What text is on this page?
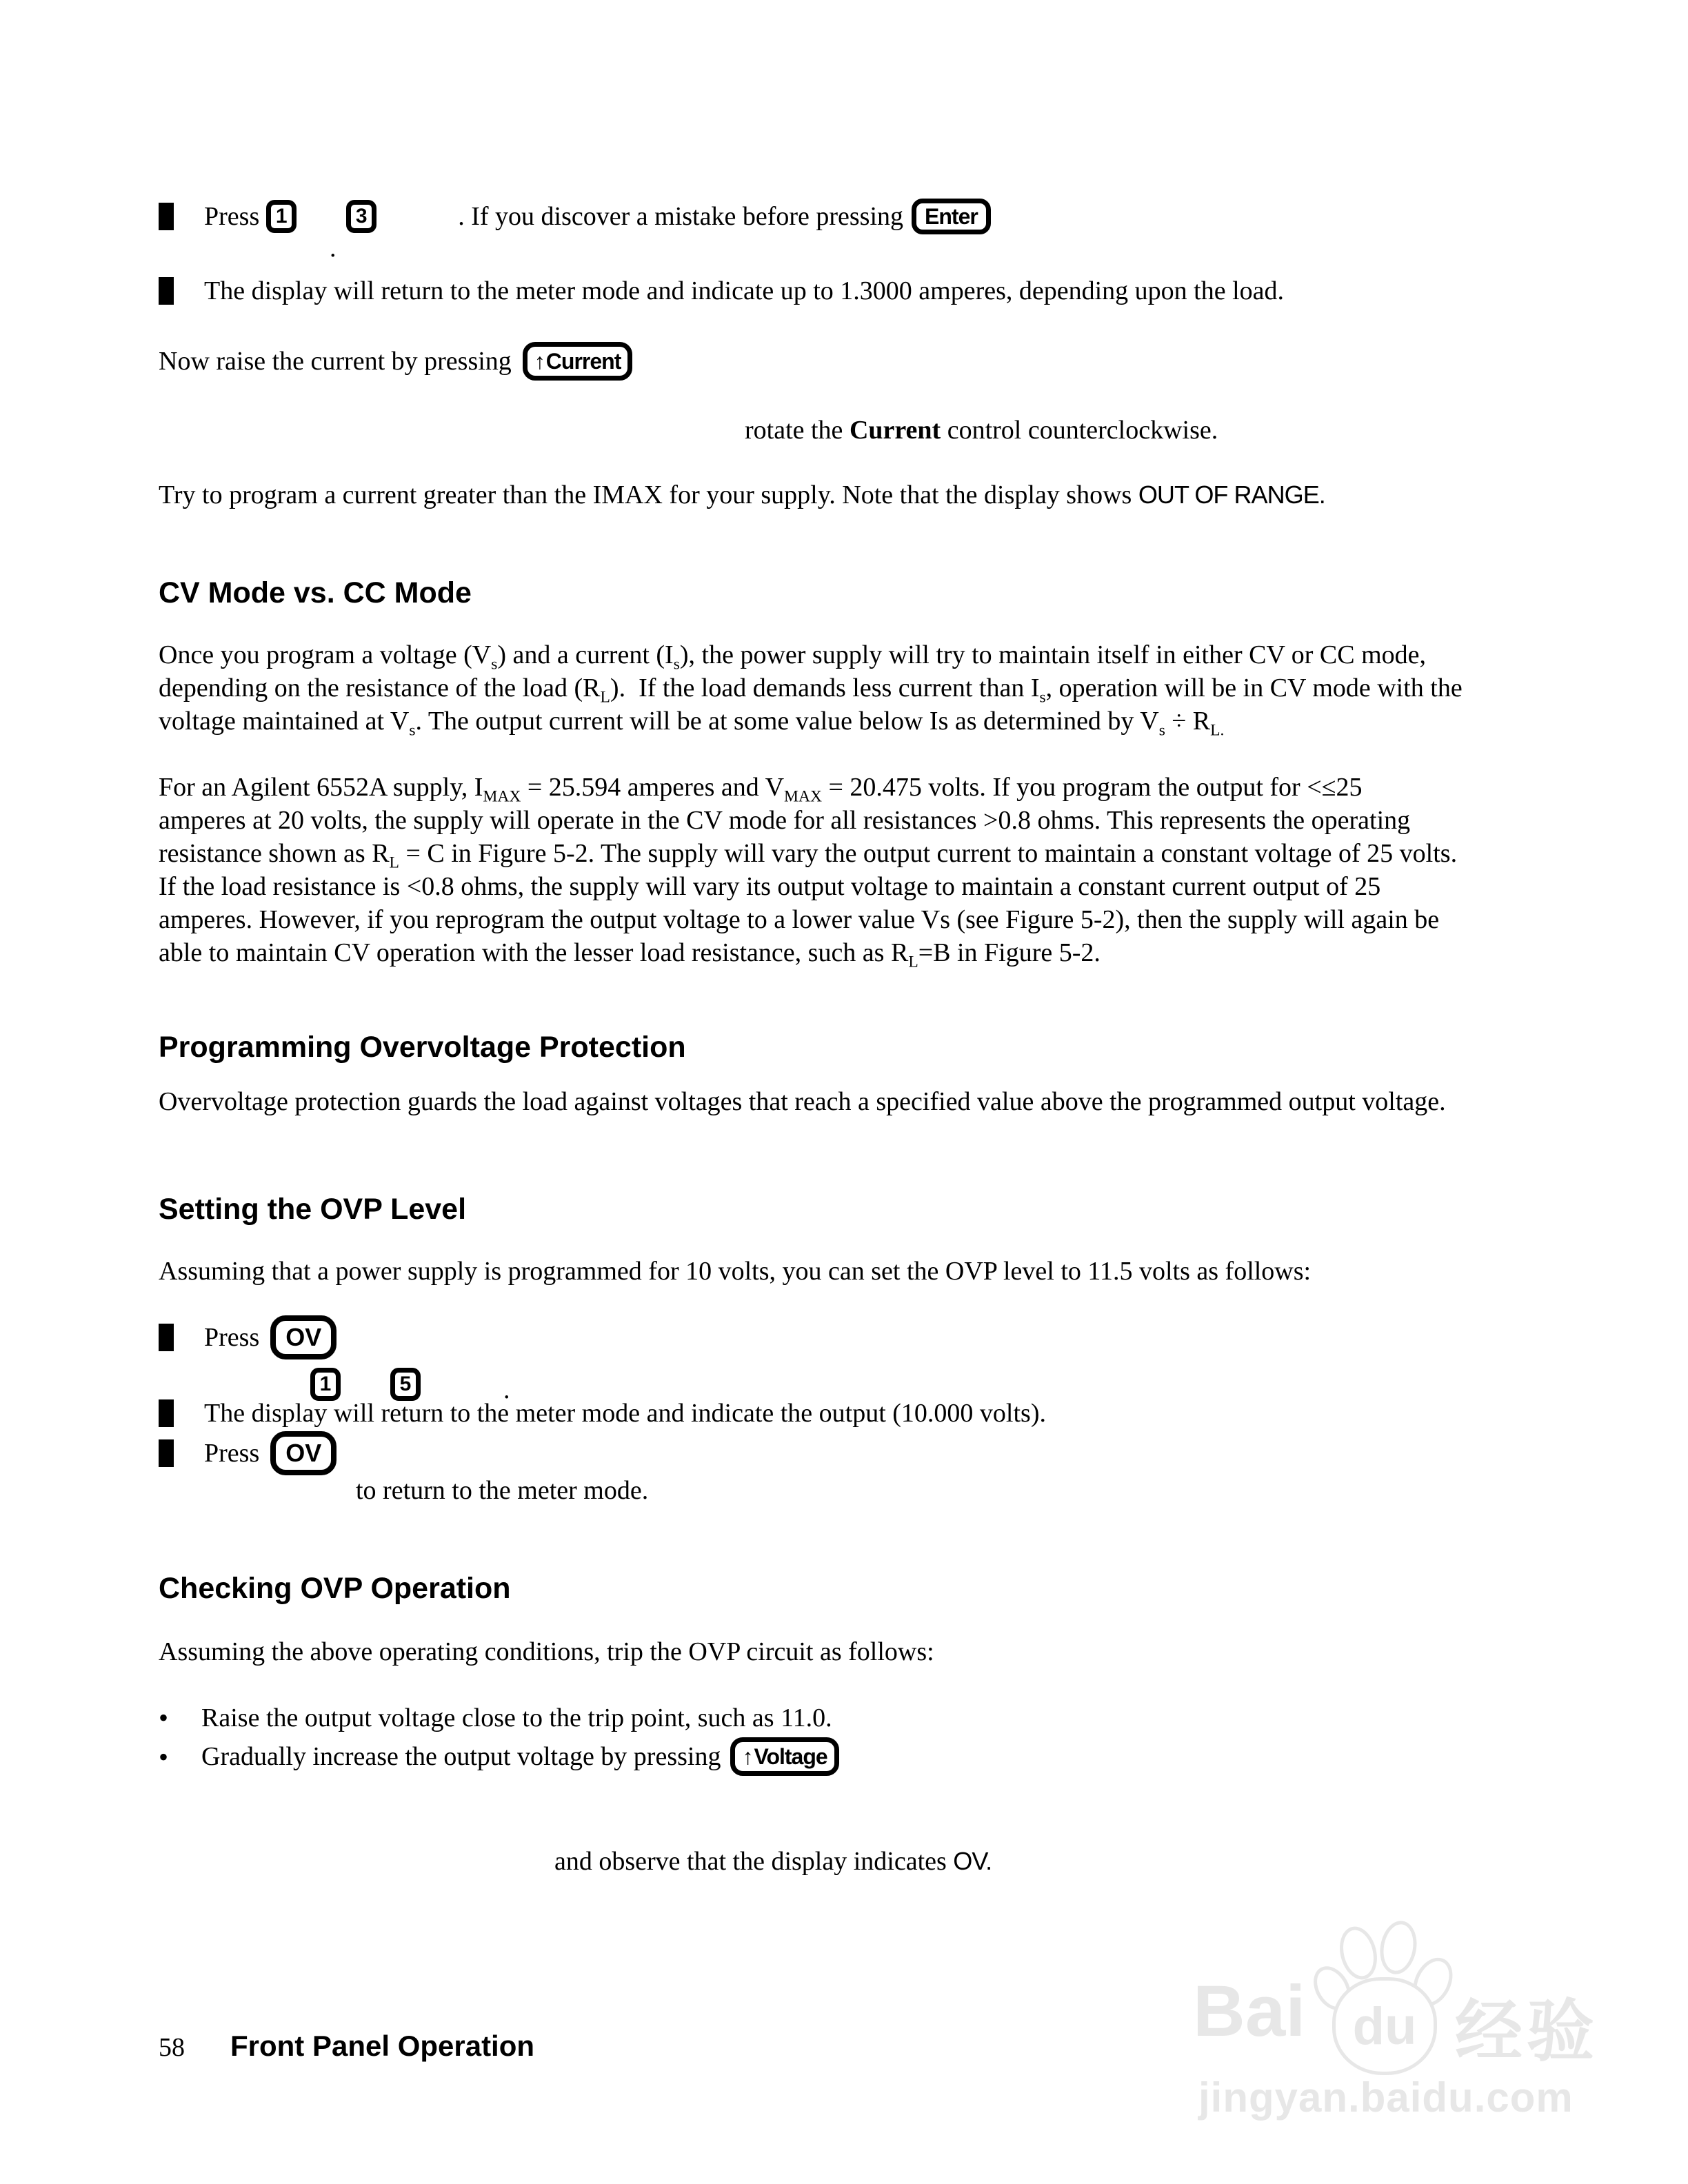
Press 1	3	. If you discover a mistake before pressing Enter
.
The display will return to the meter mode and indicate up to 1.3000 amperes, depending upon the load.
Now raise the current by pressing ↑ Current
rotate the Current control counterclockwise.
Try to program a current greater than the IMAX for your supply. Note that the display shows OUT OF RANGE.
CV Mode vs. CC Mode
Once you program a voltage $(V_s)$ and a current $(I_s)$, the power supply will try to maintain itself in either CV or CC mode,
depending on the resistance of the load $(R_L)$.  If the load demands less current than $I_s$, operation will be in CV mode with the
voltage maintained at $V_s$. The output current will be at some value below Is as determined by $V_s \div R_{L.}$
For an Agilent 6552A supply, $I_{MAX} = 25.594$ amperes and $V_{MAX} = 20.475$ volts. If you program the output for <≤25
amperes at 20 volts, the supply will operate in the CV mode for all resistances >0.8 ohms. This represents the operating
resistance shown as $R_L = C$ in Figure 5-2. The supply will vary the output current to maintain a constant voltage of 25 volts.
If the load resistance is <0.8 ohms, the supply will vary its output voltage to maintain a constant current output of 25
amperes. However, if you reprogram the output voltage to a lower value Vs (see Figure 5-2), then the supply will again be
able to maintain CV operation with the lesser load resistance, such as $R_L=B$ in Figure 5-2.
Programming Overvoltage Protection
Overvoltage protection guards the load against voltages that reach a specified value above the programmed output voltage.
Setting the OVP Level
Assuming that a power supply is programmed for 10 volts, you can set the OVP level to 11.5 volts as follows:
Press	OV
1	5	.
The display will return to the meter mode and indicate the output (10.000 volts).
Press	OV
to return to the meter mode.
Checking OVP Operation
Assuming the above operating conditions, trip the OVP circuit as follows:
• Raise the output voltage close to the trip point, such as 11.0.
• Gradually increase the output voltage by pressing ↑ Voltage
and observe that the display indicates OV.
58 Front Panel Operation	Bai du 经验
jingyan.baidu.com
